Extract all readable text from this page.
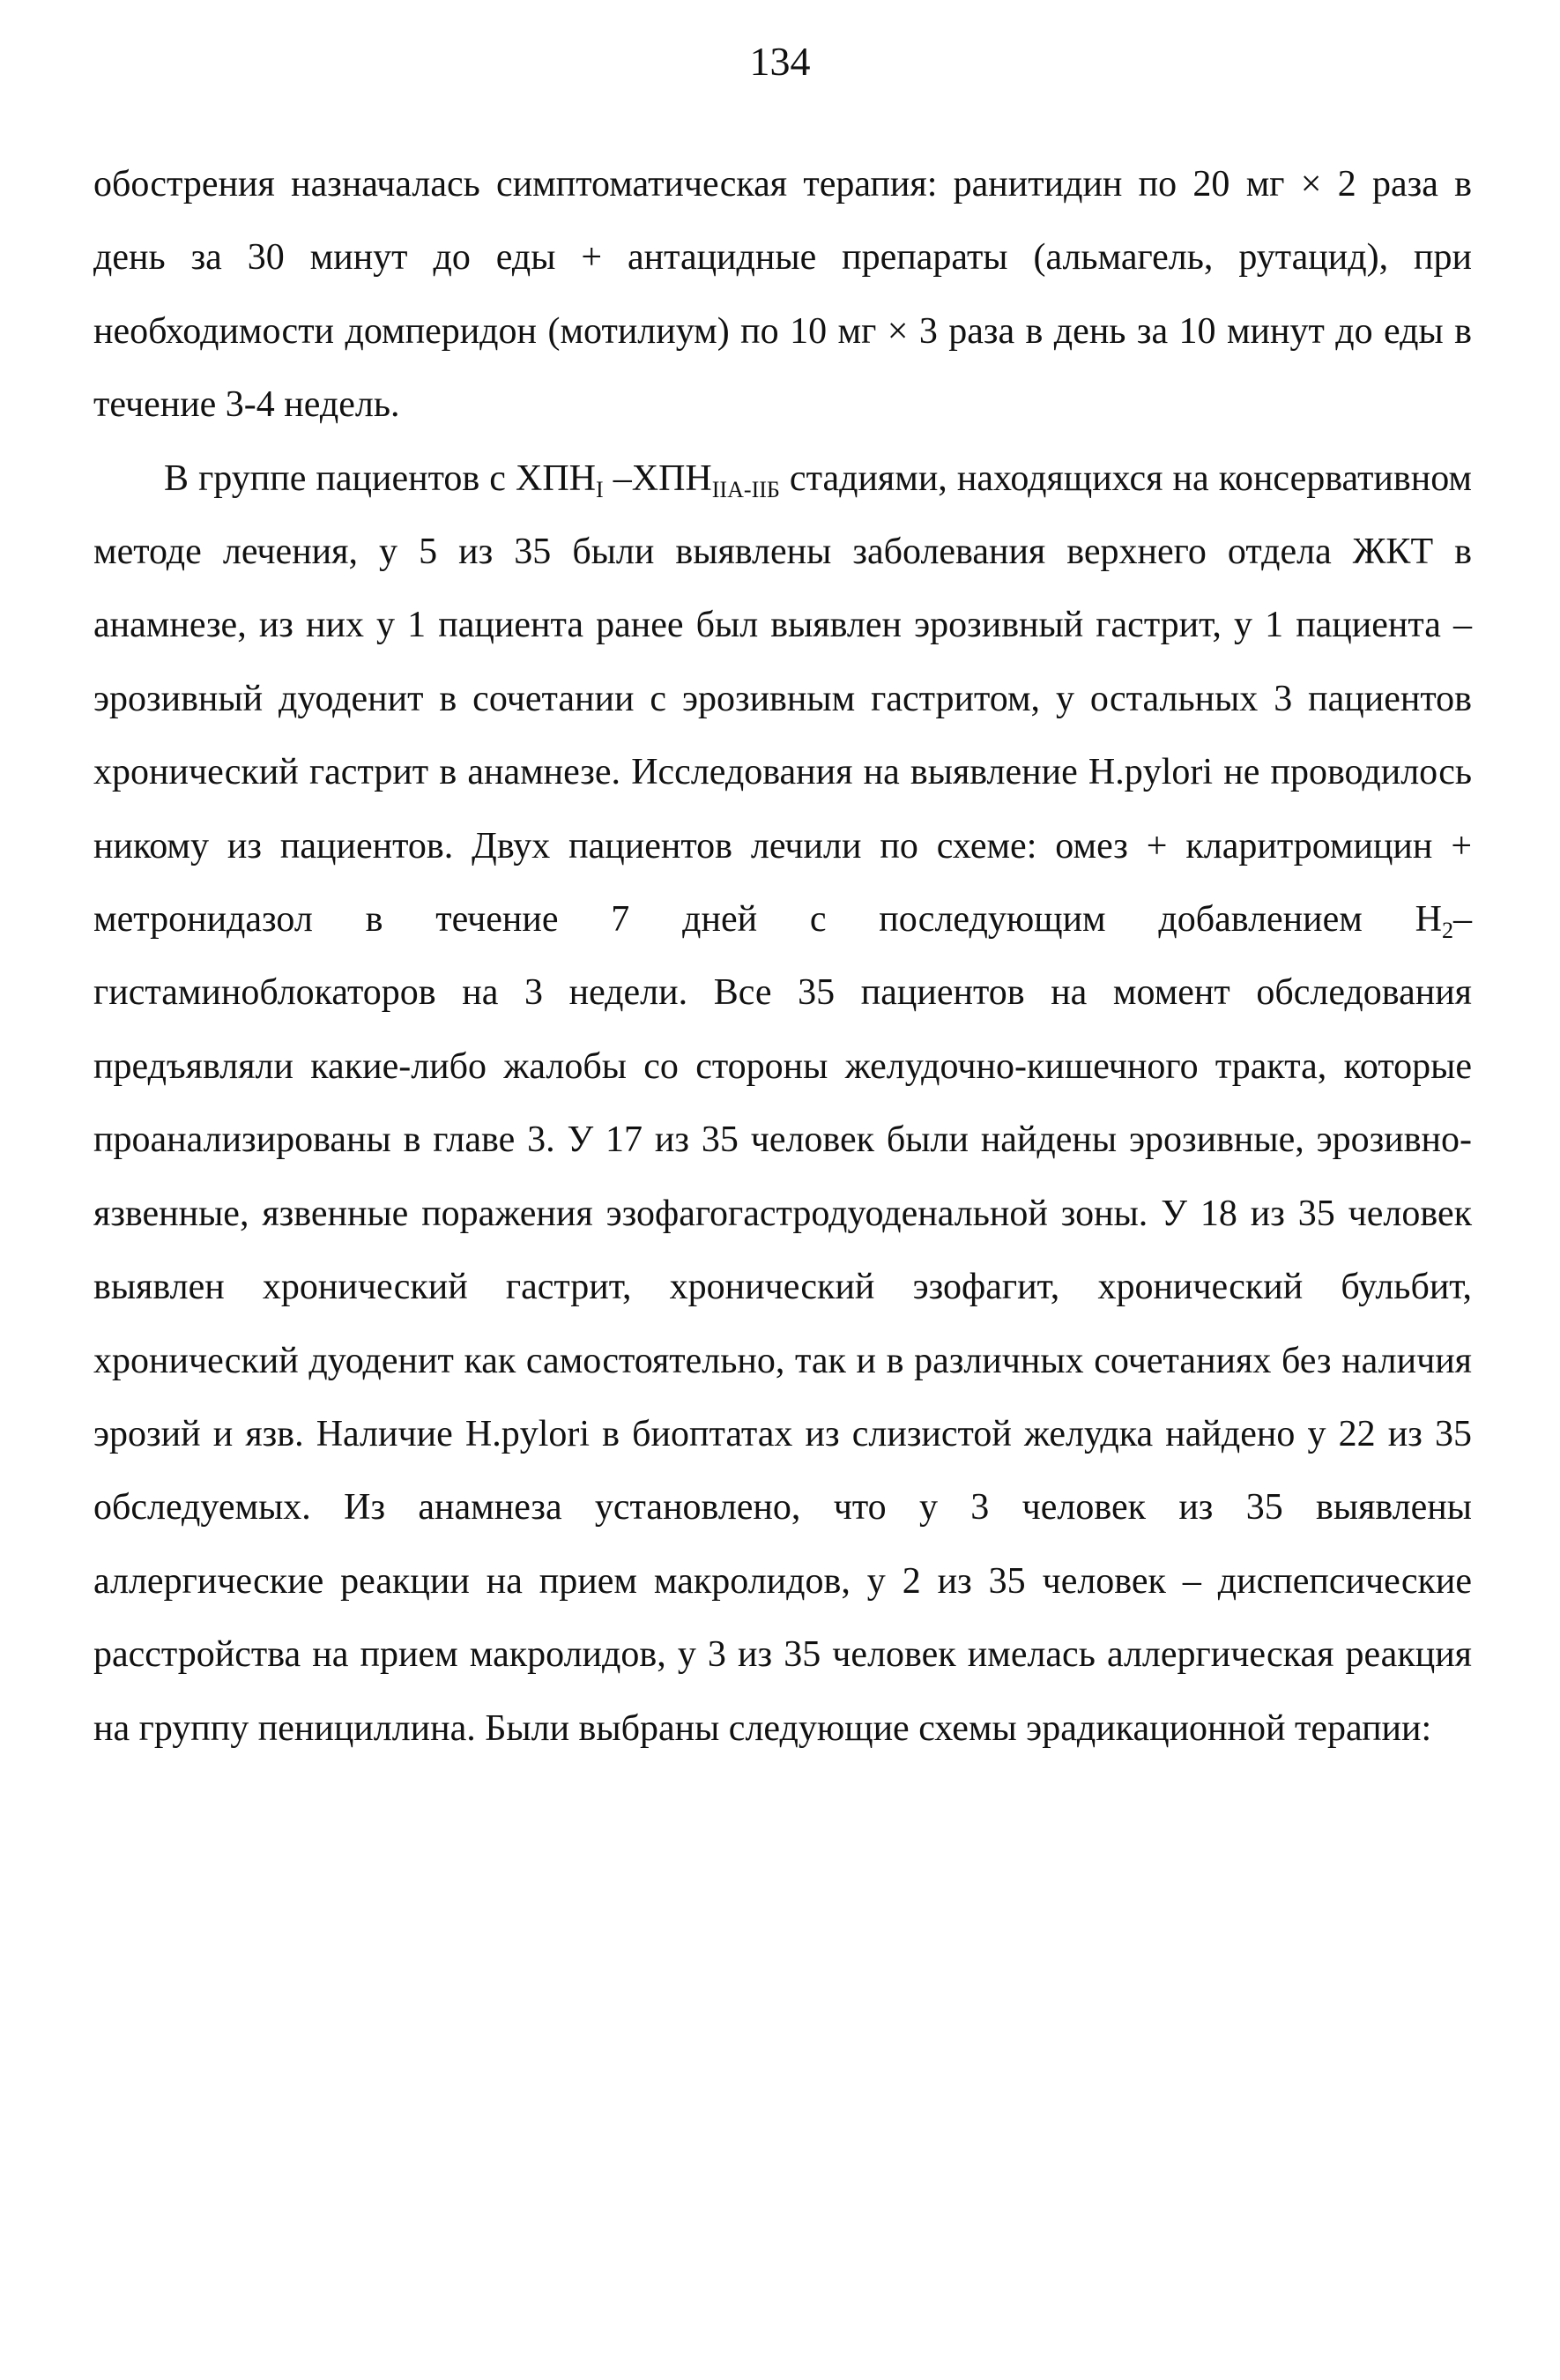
134

обострения назначалась симптоматическая терапия: ранитидин по 20 мг × 2 раза в день за 30 минут до еды + антацидные препараты (альмагель, рутацид), при необходимости домперидон (мотилиум) по 10 мг × 3 раза в день за 10 минут до еды в течение 3-4 недель.

В группе пациентов с $ХПН_I$ $-ХПН_{IIA-IIБ}$ стадиями, находящихся на консервативном методе лечения, у 5 из 35 были выявлены заболевания верхнего отдела ЖКТ в анамнезе, из них у 1 пациента ранее был выявлен эрозивный гастрит, у 1 пациента – эрозивный дуоденит в сочетании с эрозивным гастритом, у остальных 3 пациентов хронический гастрит в анамнезе. Исследования на выявление H.pylori не проводилось никому из пациентов. Двух пациентов лечили по схеме: омез + кларитромицин + метронидазол в течение 7 дней с последующим добавлением $H_2-$ гистаминоблокаторов на 3 недели. Все 35 пациентов на момент обследования предъявляли какие-либо жалобы со стороны желудочно-кишечного тракта, которые проанализированы в главе 3. У 17 из 35 человек были найдены эрозивные, эрозивно-язвенные, язвенные поражения эзофагогастродуоденальной зоны. У 18 из 35 человек выявлен хронический гастрит, хронический эзофагит, хронический бульбит, хронический дуоденит как самостоятельно, так и в различных сочетаниях без наличия эрозий и язв. Наличие H.pylori в биоптатах из слизистой желудка найдено у 22 из 35 обследуемых. Из анамнеза установлено, что у 3 человек из 35 выявлены аллергические реакции на прием макролидов, у 2 из 35 человек – диспепсические расстройства на прием макролидов, у 3 из 35 человек имелась аллергическая реакция на группу пенициллина. Были выбраны следующие схемы эрадикационной терапии:
